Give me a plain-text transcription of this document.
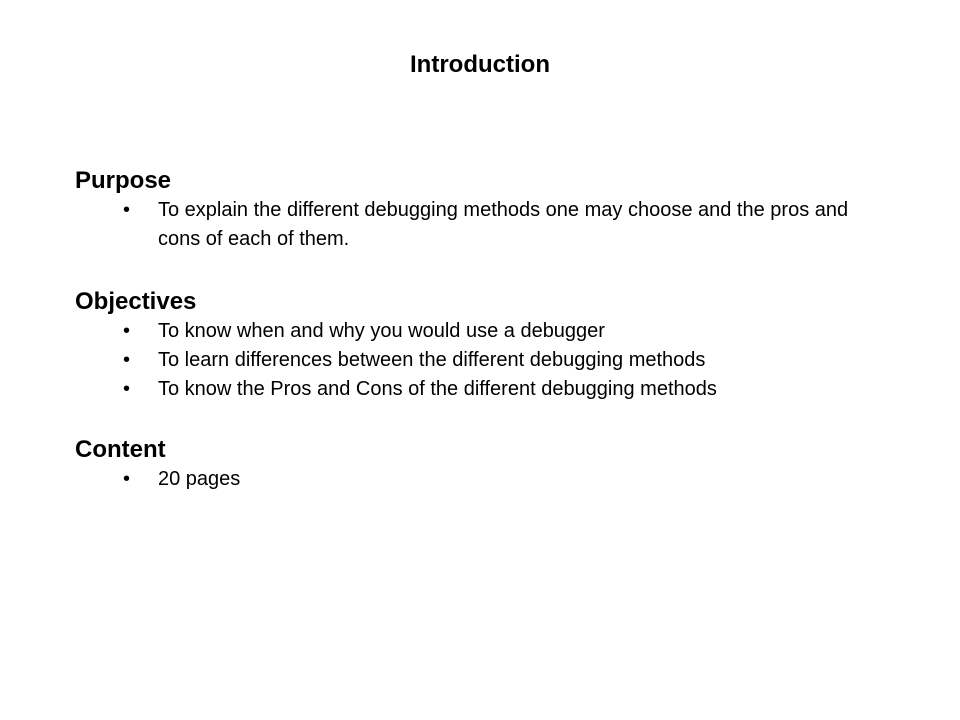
Introduction
Purpose
• To explain the different debugging methods one may choose and the pros and cons of each of them.
Objectives
• To know when and why you would use a debugger
• To learn differences between the different debugging methods
• To know the Pros and Cons of the different debugging methods
Content
• 20 pages
